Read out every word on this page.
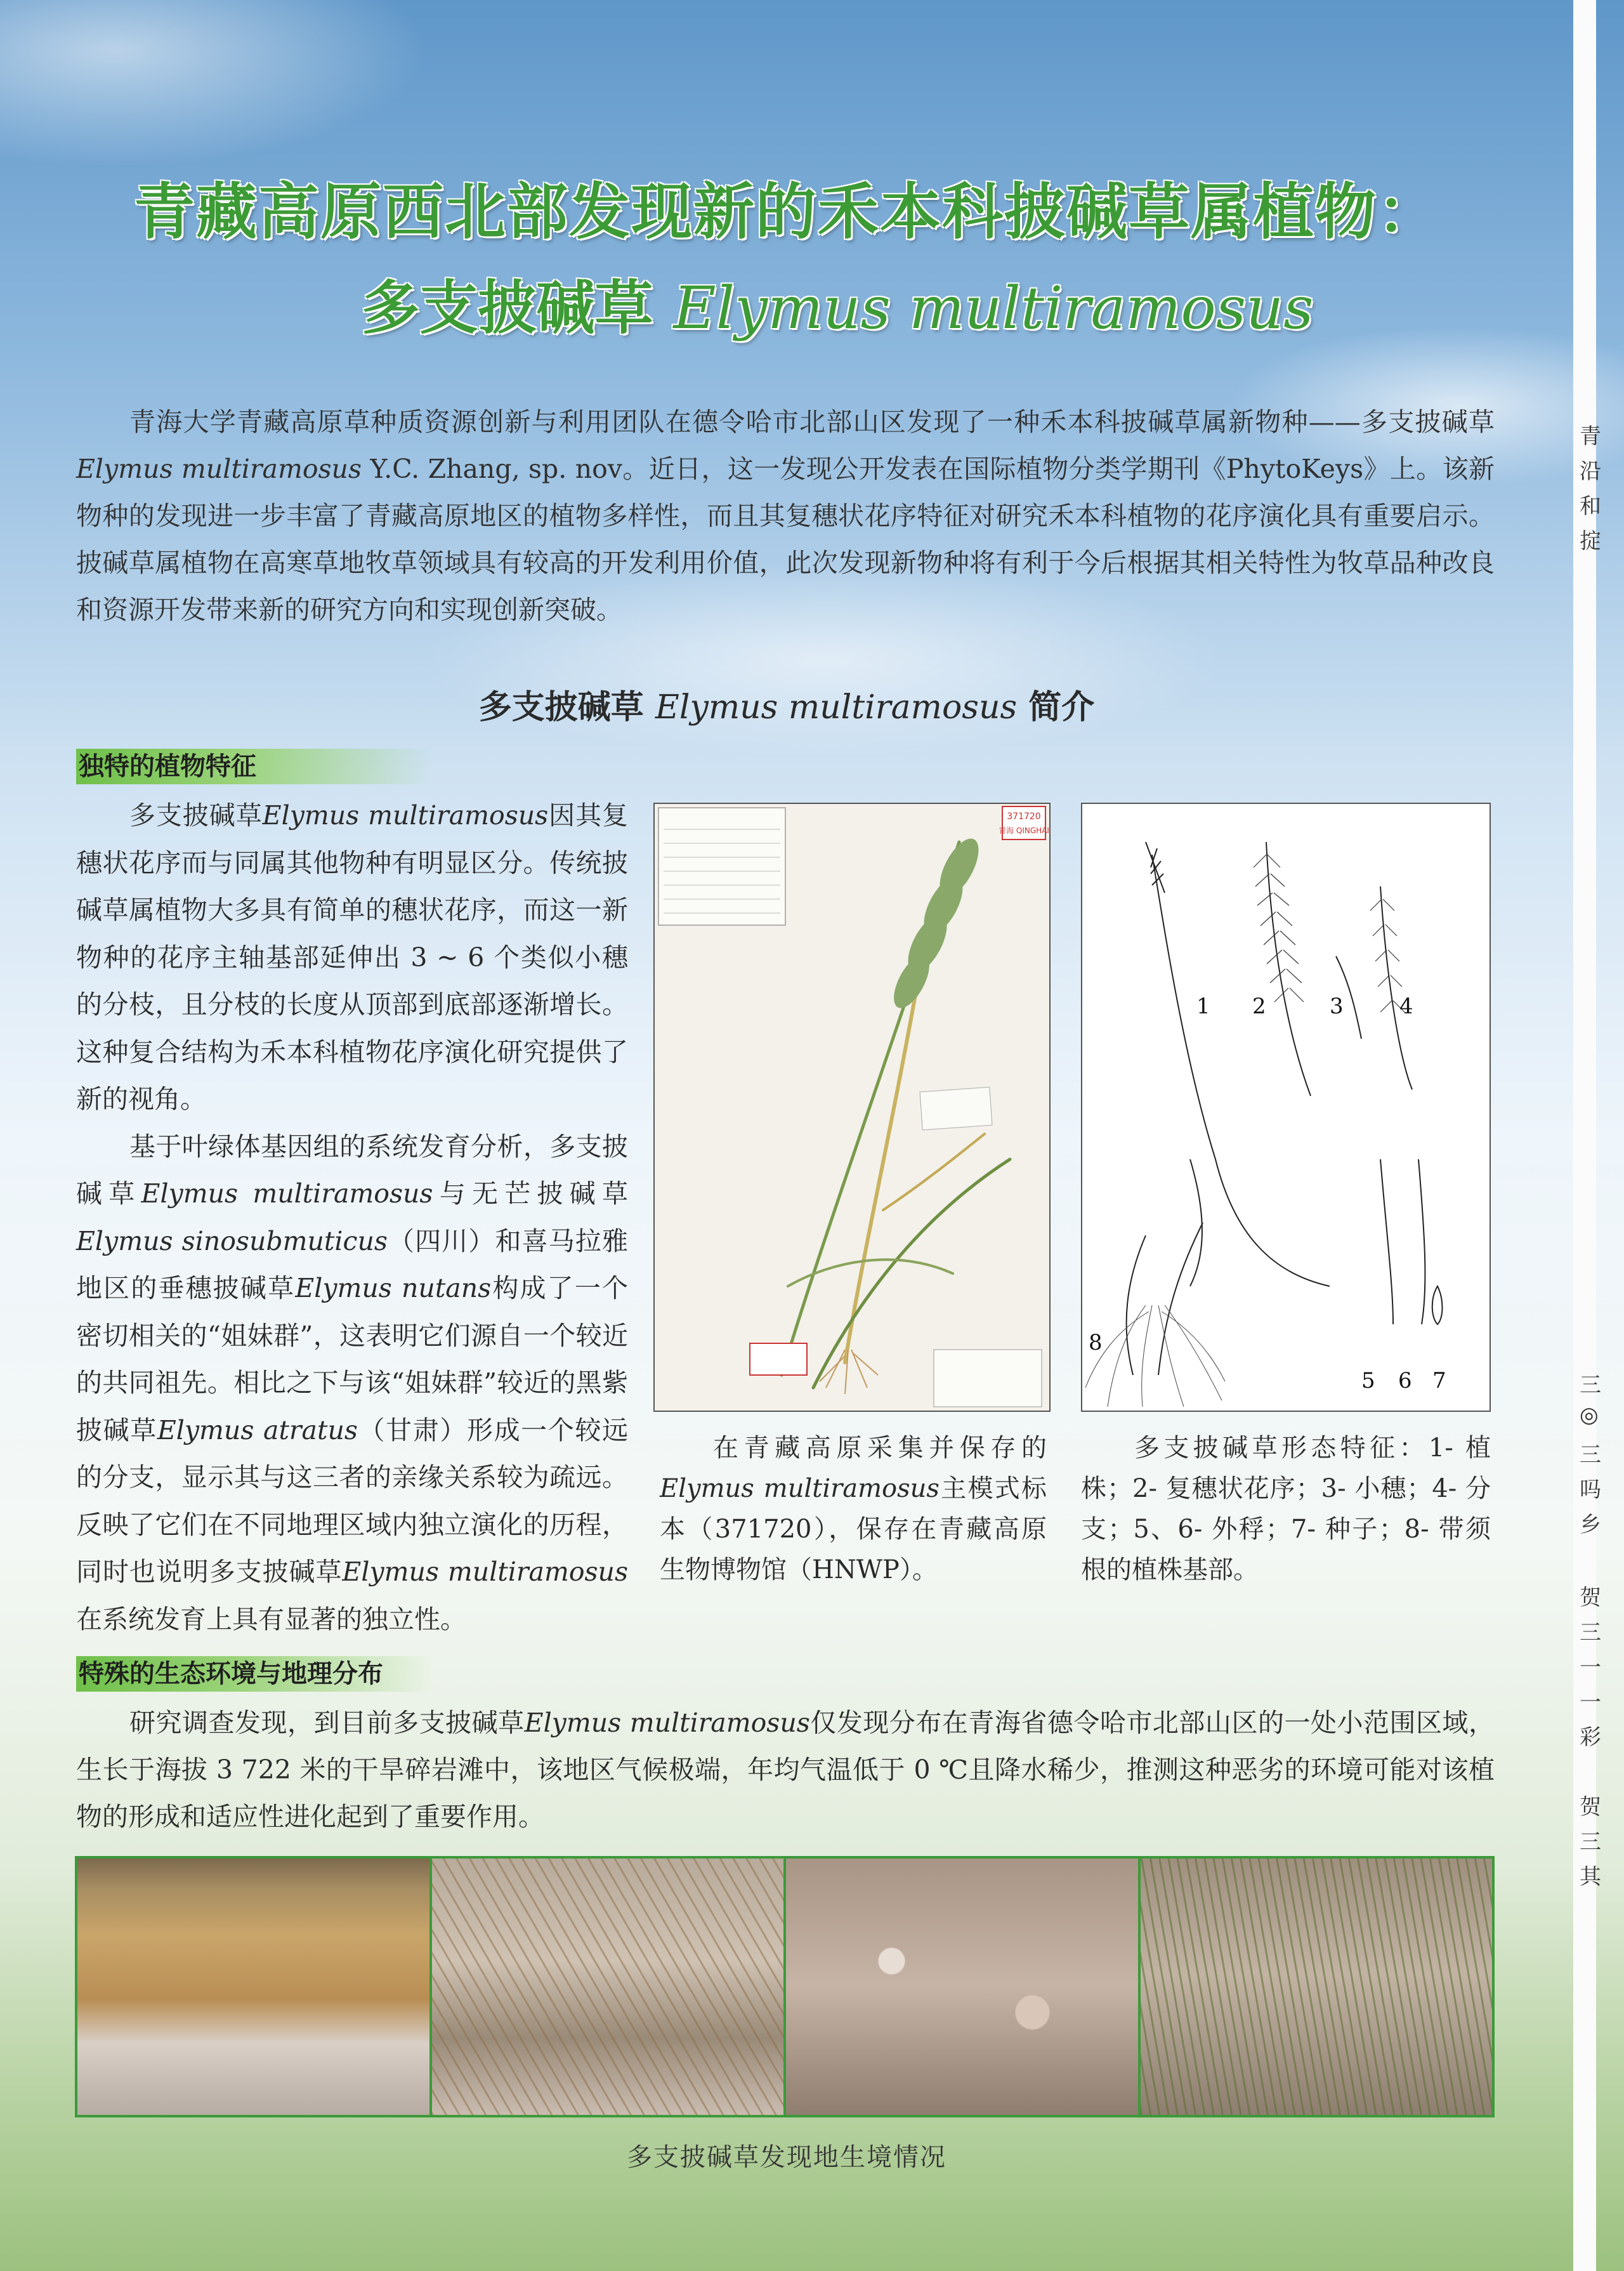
青藏高原西北部发现新的禾本科披碱草属植物：
多支披碱草 Elymus multiramosus
青海大学青藏高原草种质资源创新与利用团队在德令哈市北部山区发现了一种禾本科披碱草属新物种——多支披碱草Elymus multiramosus Y.C. Zhang, sp. nov。近日，这一发现公开发表在国际植物分类学期刊《PhytoKeys》上。该新物种的发现进一步丰富了青藏高原地区的植物多样性，而且其复穗状花序特征对研究禾本科植物的花序演化具有重要启示。披碱草属植物在高寒草地牧草领域具有较高的开发利用价值，此次发现新物种将有利于今后根据其相关特性为牧草品种改良和资源开发带来新的研究方向和实现创新突破。
多支披碱草 Elymus multiramosus 简介
独特的植物特征

多支披碱草Elymus multiramosus因其复穗状花序而与同属其他物种有明显区分。传统披碱草属植物大多具有简单的穗状花序，而这一新物种的花序主轴基部延伸出 3 ~ 6 个类似小穗的分枝，且分枝的长度从顶部到底部逐渐增长。这种复合结构为禾本科植物花序演化研究提供了新的视角。

基于叶绿体基因组的系统发育分析，多支披碱草Elymus multiramosus与无芒披碱草Elymus sinosubmuticus（四川）和喜马拉雅地区的垂穗披碱草Elymus nutans构成了一个密切相关的“姐妹群”，这表明它们源自一个较近的共同祖先。相比之下与该“姐妹群”较近的黑紫披碱草Elymus atratus（甘肃）形成一个较远的分支，显示其与这三者的亲缘关系较为疏远。反映了它们在不同地理区域内独立演化的历程，同时也说明多支披碱草Elymus multiramosus在系统发育上具有显著的独立性。

371720
青海 QINGHAI
1 2	3	4
5 6 7
8
在青藏高原采集并保存的Elymus multiramosus主模式标本（371720），保存在青藏高原生物博物馆（HNWP）。
多支披碱草形态特征：1- 植株；2- 复穗状花序；3- 小穗；4- 分支；5、6- 外稃；7- 种子；8- 带须根的植株基部。
特殊的生态环境与地理分布
研究调查发现，到目前多支披碱草Elymus multiramosus仅发现分布在青海省德令哈市北部山区的一处小范围区域，生长于海拔 3 722 米的干旱碎岩滩中，该地区气候极端，年均气温低于 0 ℃且降水稀少，推测这种恶劣的环境可能对该植物的形成和适应性进化起到了重要作用。
多支披碱草发现地生境情况
青
沿
和
掟
三
◎
三
吗
乡
贺
三
一
一
彩
贺
三
其
